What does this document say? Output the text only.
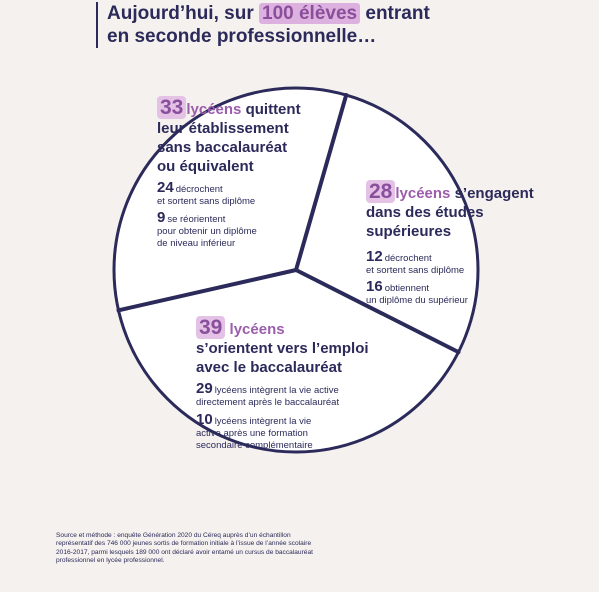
Aujourd’hui, sur 100 élèves entrant
en seconde professionnelle…
33 lycéens quittent
leur établissement
sans baccalauréat
ou équivalent
24 décrochent
et sortent sans diplôme
9 se réorientent
pour obtenir un diplôme
de niveau inférieur
28 lycéens s’engagent
dans des études
supérieures
12 décrochent
et sortent sans diplôme
16 obtiennent
un diplôme du supérieur
39 lycéens
s’orientent vers l’emploi
avec le baccalauréat
29 lycéens intègrent la vie active
directement après le baccalauréat
10 lycéens intègrent la vie
active après une formation
secondaire complémentaire
Source et méthode : enquête Génération 2020 du Céreq auprès d’un échantillon représentatif des 746 000 jeunes sortis de formation initiale à l’issue de l’année scolaire 2016-2017, parmi lesquels 189 000 ont déclaré avoir entamé un cursus de baccalauréat professionnel en lycée professionnel.
